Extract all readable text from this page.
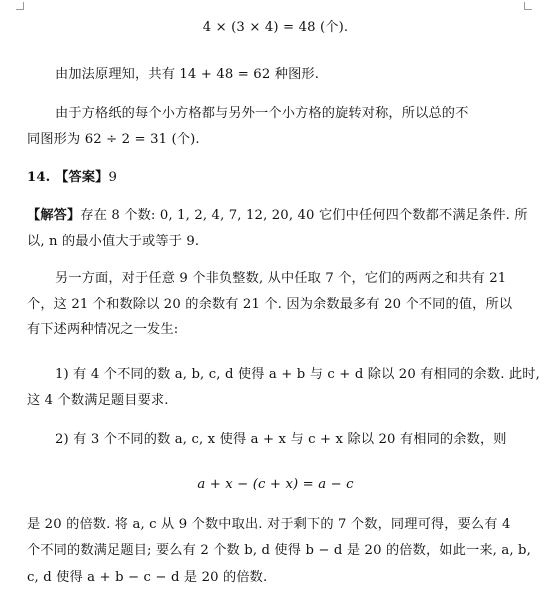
4 × (3 × 4) = 48 (个).
由加法原理知，共有 14 + 48 = 62 种图形.
由于方格纸的每个小方格都与另外一个小方格的旋转对称，所以总的不
同图形为 62 ÷ 2 = 31 (个).
14. 【答案】9
【解答】存在 8 个数: 0, 1, 2, 4, 7, 12, 20, 40 它们中任何四个数都不满足条件. 所
以, n 的最小值大于或等于 9.
另一方面，对于任意 9 个非负整数, 从中任取 7 个，它们的两两之和共有 21
个，这 21 个和数除以 20 的余数有 21 个. 因为余数最多有 20 个不同的值，所以
有下述两种情况之一发生:
1) 有 4 个不同的数 a, b, c, d 使得 a + b 与 c + d 除以 20 有相同的余数. 此时,
这 4 个数满足题目要求.
2) 有 3 个不同的数 a, c, x 使得 a + x 与 c + x 除以 20 有相同的余数，则
a + x − (c + x) = a − c
是 20 的倍数. 将 a, c 从 9 个数中取出. 对于剩下的 7 个数，同理可得，要么有 4
个不同的数满足题目; 要么有 2 个数 b, d 使得 b − d 是 20 的倍数，如此一来, a, b,
c, d 使得 a + b − c − d 是 20 的倍数.
